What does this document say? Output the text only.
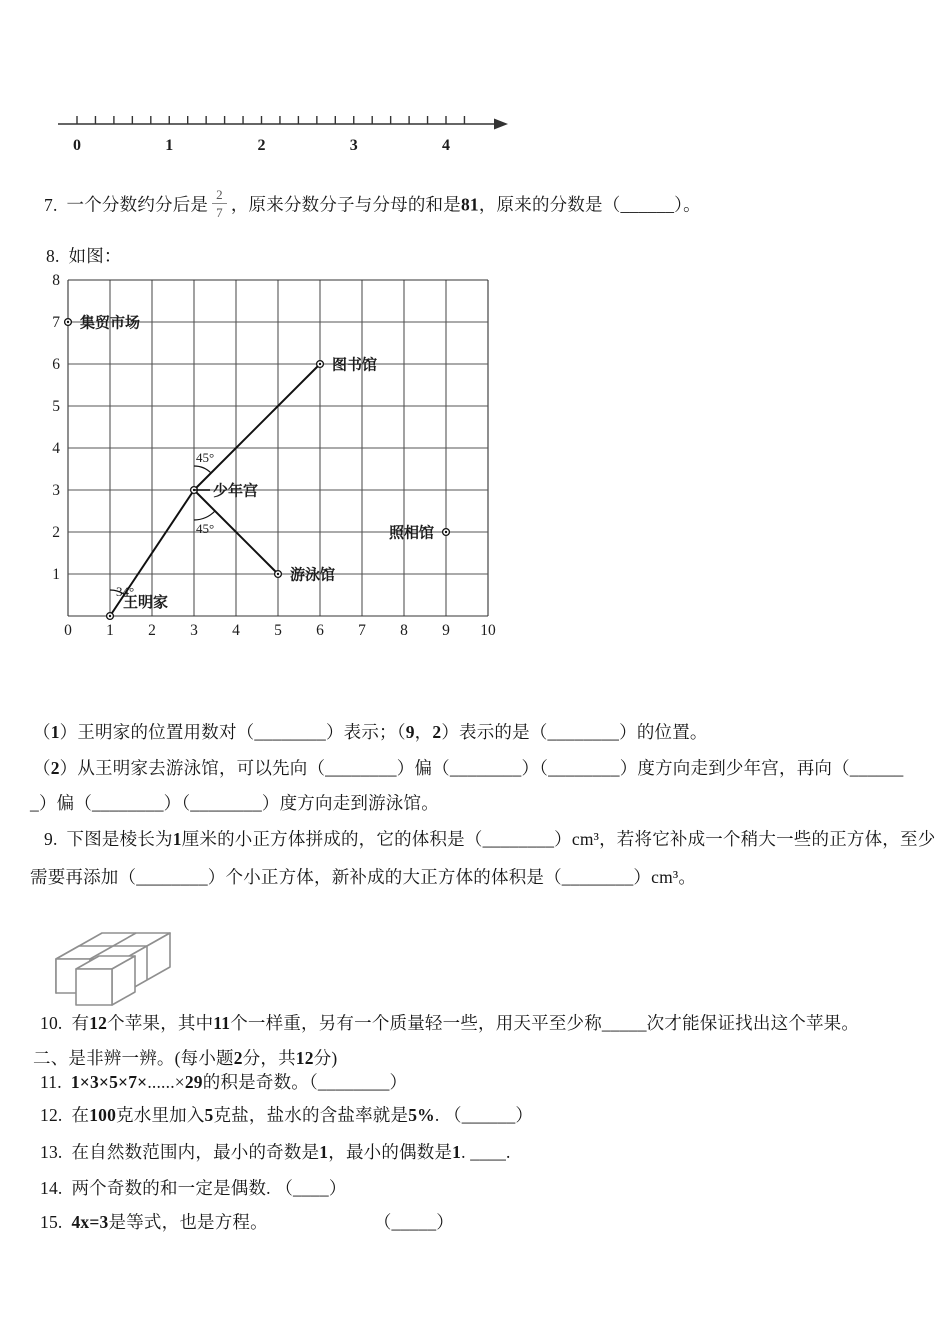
0	1	2	3	4
7. 一个分数约分后是 $\frac{2}{7}$ ，原来分数分子与分母的和是81，原来的分数是（______）。
8. 如图：
0 1 2 3 4 5 6 7 8 9 10
1
2
3
4
5
6
7
8
45°
45°
34°
集贸市场
图书馆
少年宫
照相馆
游泳馆
王明家
（1）王明家的位置用数对（________）表示；（9，2）表示的是（________）的位置。
（2）从王明家去游泳馆，可以先向（________）偏（________）（________）度方向走到少年宫，再向（______
_）偏（________）（________）度方向走到游泳馆。
9. 下图是棱长为1厘米的小正方体拼成的，它的体积是（________）cm³，若将它补成一个稍大一些的正方体，至少
需要再添加（________）个小正方体，新补成的大正方体的体积是（________）cm³。
10. 有12个苹果，其中11个一样重，另有一个质量轻一些，用天平至少称_____次才能保证找出这个苹果。
二、是非辨一辨。(每小题2分，共12分)
11. 1×3×5×7×......×29的积是奇数。（________）
12. 在100克水里加入5克盐，盐水的含盐率就是5%. （______）
13. 在自然数范围内，最小的奇数是1，最小的偶数是1. ____.
14. 两个奇数的和一定是偶数. （____）
15. 4x=3是等式，也是方程。	（_____）
